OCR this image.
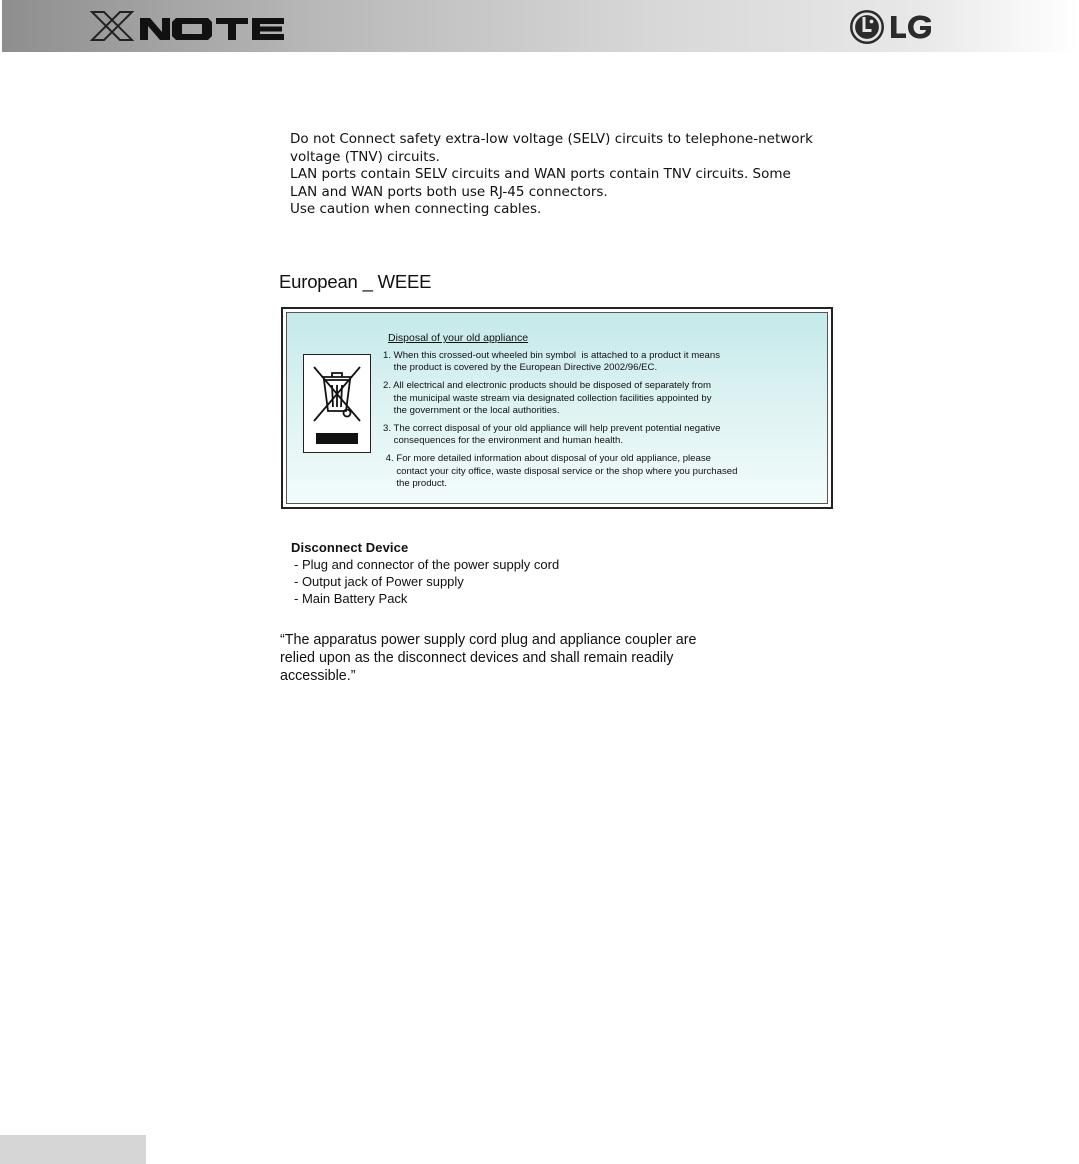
Do not Connect safety extra-low voltage (SELV) circuits to telephone-network
voltage (TNV) circuits.
LAN ports contain SELV circuits and WAN ports contain TNV circuits. Some
LAN and WAN ports both use RJ-45 connectors.
Use caution when connecting cables.
European _ WEEE
Disposal of your old appliance
1. When this crossed-out wheeled bin symbol  is attached to a product it means
the product is covered by the European Directive 2002/96/EC.
2. All electrical and electronic products should be disposed of separately from
the municipal waste stream via designated collection facilities appointed by
the government or the local authorities.
3. The correct disposal of your old appliance will help prevent potential negative
consequences for the environment and human health.
4. For more detailed information about disposal of your old appliance, please
contact your city office, waste disposal service or the shop where you purchased
the product.
Disconnect Device
- Plug and connector of the power supply cord
- Output jack of Power supply
- Main Battery Pack
“The apparatus power supply cord plug and appliance coupler are
relied upon as the disconnect devices and shall remain readily
accessible.”
